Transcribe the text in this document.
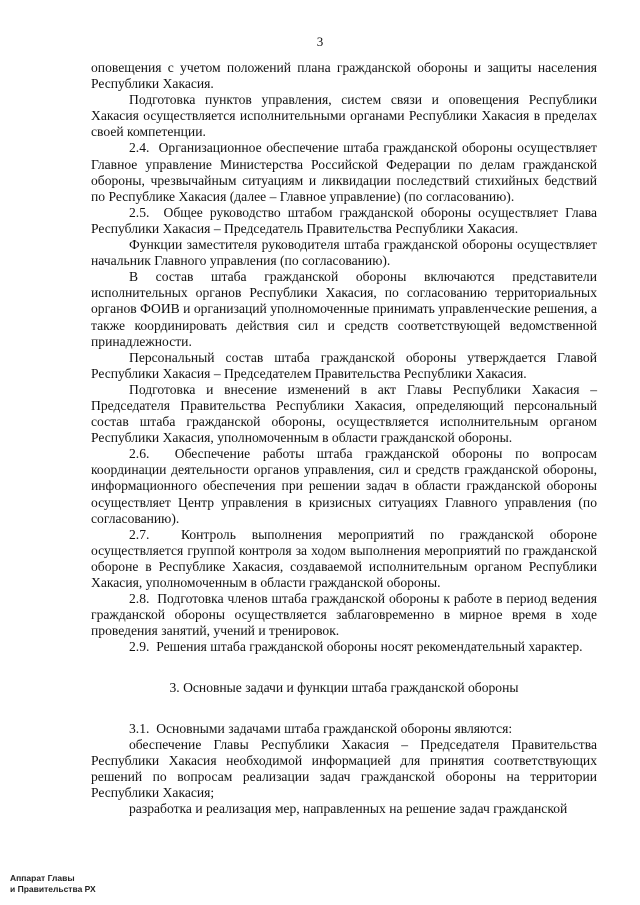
3

оповещения с учетом положений плана гражданской обороны и защиты населения Республики Хакасия.

Подготовка пунктов управления, систем связи и оповещения Республики Хакасия осуществляется исполнительными органами Республики Хакасия в пределах своей компетенции.

2.4.  Организационное обеспечение штаба гражданской обороны осуществляет Главное управление Министерства Российской Федерации по делам гражданской обороны, чрезвычайным ситуациям и ликвидации последствий стихийных бедствий по Республике Хакасия (далее – Главное управление) (по согласованию).

2.5.  Общее руководство штабом гражданской обороны осуществляет Глава Республики Хакасия – Председатель Правительства Республики Хакасия.

Функции заместителя руководителя штаба гражданской обороны осуществляет начальник Главного управления (по согласованию).

В состав штаба гражданской обороны включаются представители исполнительных органов Республики Хакасия, по согласованию территориальных органов ФОИВ и организаций уполномоченные принимать управленческие решения, а также координировать действия сил и средств соответствующей ведомственной принадлежности.

Персональный состав штаба гражданской обороны утверждается Главой Республики Хакасия – Председателем Правительства Республики Хакасия.

Подготовка и внесение изменений в акт Главы Республики Хакасия – Председателя Правительства Республики Хакасия, определяющий персональный состав штаба гражданской обороны, осуществляется исполнительным органом Республики Хакасия, уполномоченным в области гражданской обороны.

2.6.  Обеспечение работы штаба гражданской обороны по вопросам координации деятельности органов управления, сил и средств гражданской обороны, информационного обеспечения при решении задач в области гражданской обороны осуществляет Центр управления в кризисных ситуациях Главного управления (по согласованию).

2.7.  Контроль выполнения мероприятий по гражданской обороне осуществляется группой контроля за ходом выполнения мероприятий по гражданской обороне в Республике Хакасия, создаваемой исполнительным органом Республики Хакасия, уполномоченным в области гражданской обороны.

2.8.  Подготовка членов штаба гражданской обороны к работе в период ведения гражданской обороны осуществляется заблаговременно в мирное время в ходе проведения занятий, учений и тренировок.

2.9.  Решения штаба гражданской обороны носят рекомендательный характер.

3. Основные задачи и функции штаба гражданской обороны

3.1.  Основными задачами штаба гражданской обороны являются:

обеспечение Главы Республики Хакасия – Председателя Правительства Республики Хакасия необходимой информацией для принятия соответствующих решений по вопросам реализации задач гражданской обороны на территории Республики Хакасия;

разработка и реализация мер, направленных на решение задач гражданской

Аппарат Главы
и Правительства РХ
